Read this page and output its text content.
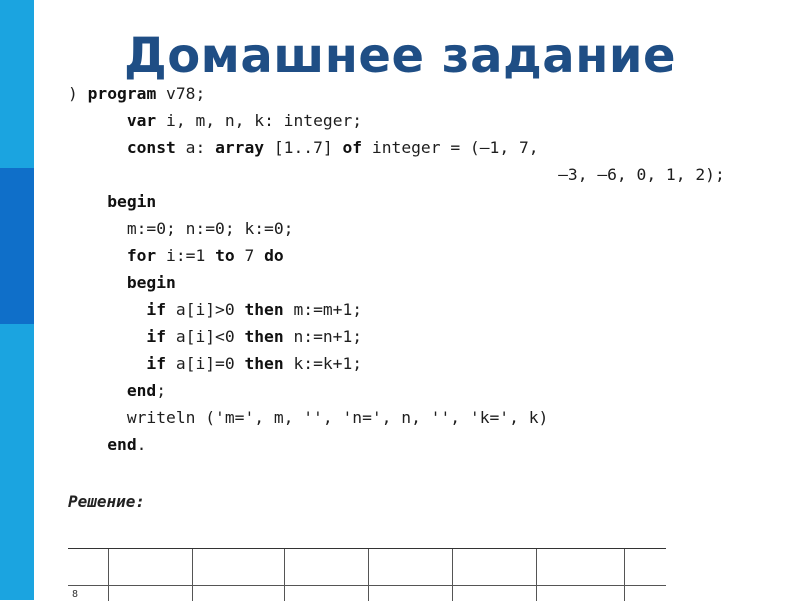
Домашнее задание
) program v78;
var i, m, n, k: integer;
const a: array [1..7] of integer = (–1, 7,
–3, –6, 0, 1, 2);
begin
m:=0; n:=0; k:=0;
for i:=1 to 7 do
begin
if a[i]>0 then m:=m+1;
if a[i]<0 then n:=n+1;
if a[i]=0 then k:=k+1;
end;
writeln ('m=', m, '', 'n=', n, '', 'k=', k)
end.
Решение:
8
